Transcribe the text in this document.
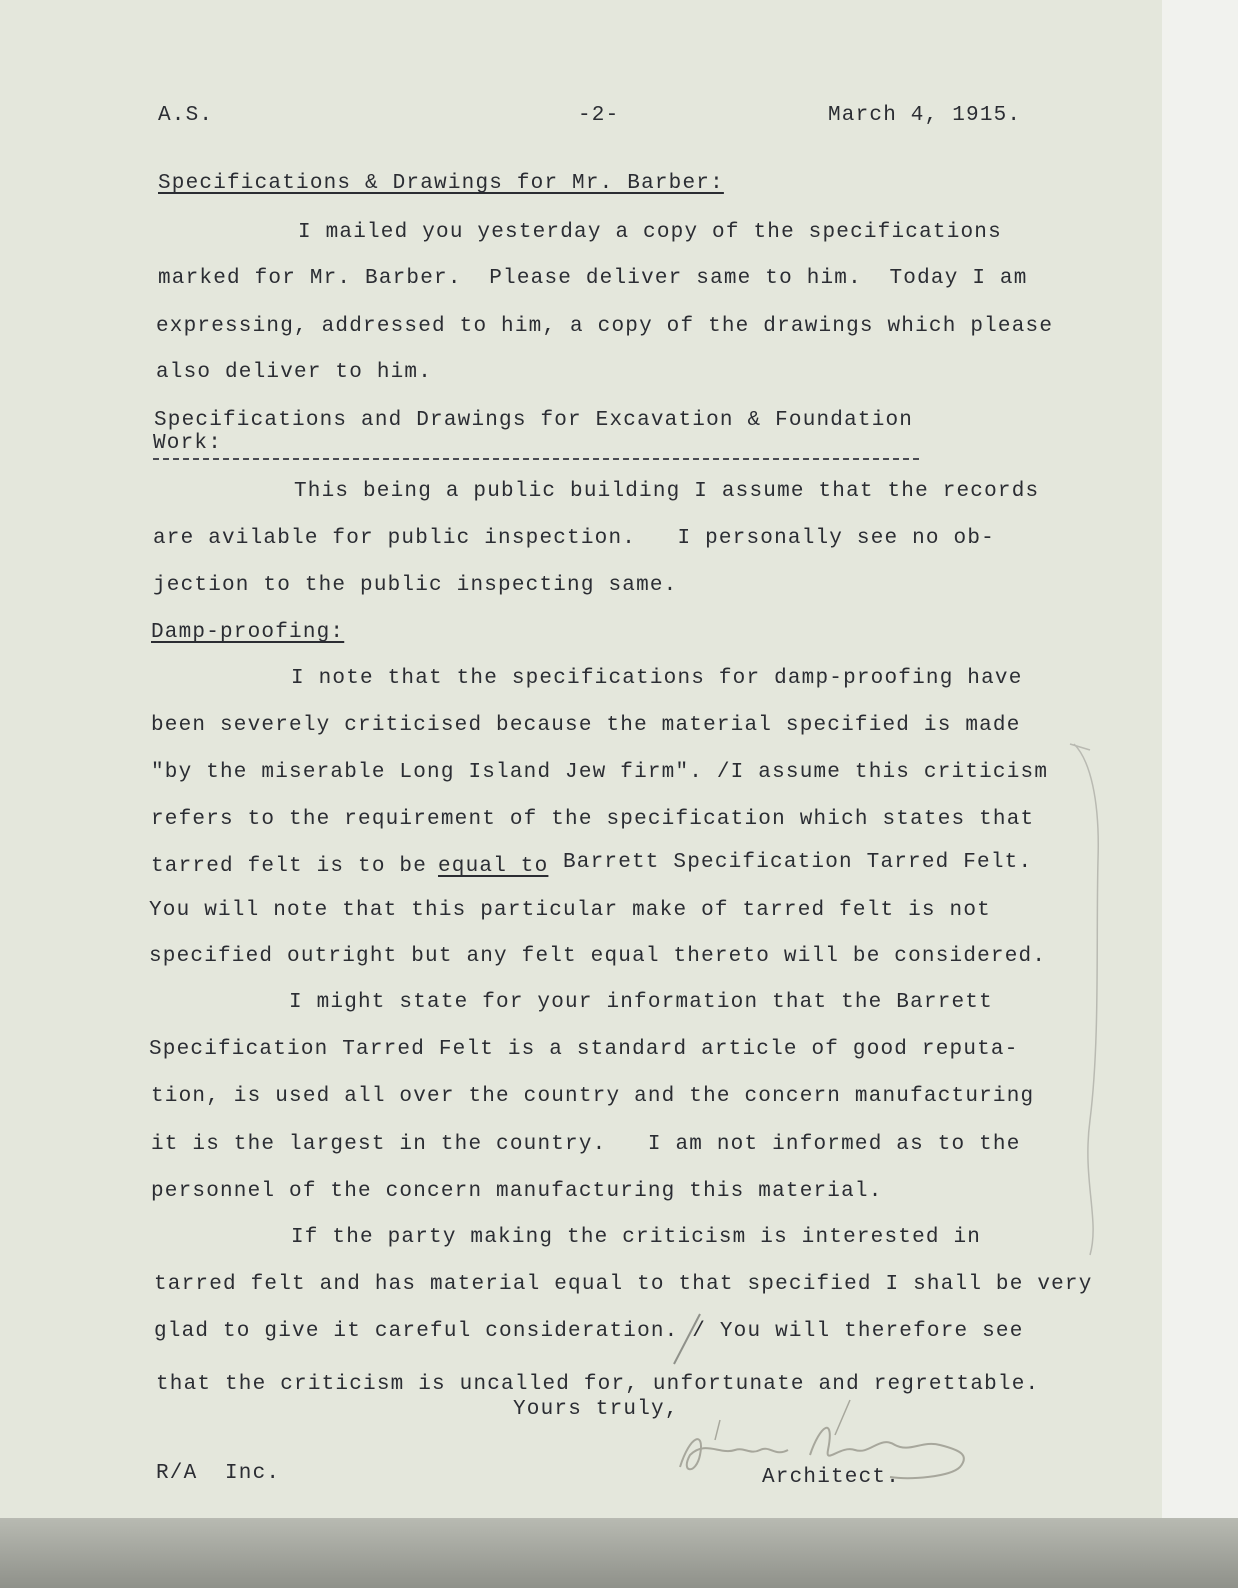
A.S.	-2-	March 4, 1915.
Specifications & Drawings for Mr. Barber:
I mailed you yesterday a copy of the specifications
marked for Mr. Barber.  Please deliver same to him.  Today I am
expressing, addressed to him, a copy of the drawings which please
also deliver to him.
Specifications and Drawings for Excavation & Foundation
Work:
This being a public building I assume that the records
are avilable for public inspection.   I personally see no ob-
jection to the public inspecting same.
Damp-proofing:
I note that the specifications for damp-proofing have
been severely criticised because the material specified is made
"by the miserable Long Island Jew firm". /I assume this criticism
refers to the requirement of the specification which states that
tarred felt is to be equal to Barrett Specification Tarred Felt.
You will note that this particular make of tarred felt is not
specified outright but any felt equal thereto will be considered.
I might state for your information that the Barrett
Specification Tarred Felt is a standard article of good reputa-
tion, is used all over the country and the concern manufacturing
it is the largest in the country.   I am not informed as to the
personnel of the concern manufacturing this material.
If the party making the criticism is interested in
tarred felt and has material equal to that specified I shall be very
glad to give it careful consideration. / You will therefore see
that the criticism is uncalled for, unfortunate and regrettable.
Yours truly,
R/A  Inc.	Architect.
